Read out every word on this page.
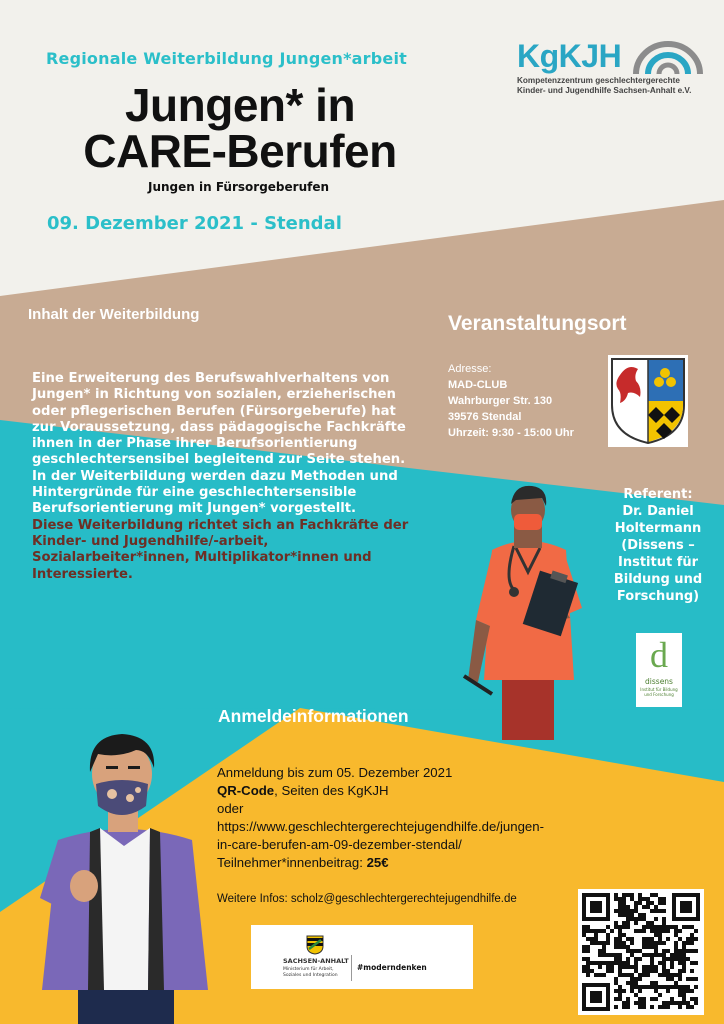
Regionale Weiterbildung Jungen*arbeit
Jungen* in
CARE-Berufen
Jungen in Fürsorgeberufen
09. Dezember 2021 - Stendal
KgKJH
Kompetenzzentrum geschlechtergerechte
Kinder- und Jugendhilfe Sachsen-Anhalt e.V.
Inhalt der Weiterbildung

Eine Erweiterung des Berufswahlverhaltens von Jungen* in Richtung von sozialen, erzieherischen oder pflegerischen Berufen (Fürsorgeberufe) hat zur Voraussetzung, dass pädagogische Fachkräfte ihnen in der Phase ihrer Berufsorientierung geschlechtersensibel begleitend zur Seite stehen.

In der Weiterbildung werden dazu Methoden und Hintergründe für eine geschlechtersensible Berufsorientierung mit Jungen* vorgestellt.

Diese Weiterbildung richtet sich an Fachkräfte der Kinder- und Jugendhilfe/-arbeit, Sozialarbeiter*innen, Multiplikator*innen und Interessierte.

Veranstaltungsort
Adresse:
MAD-CLUB
Wahrburger Str. 130
39576 Stendal
Uhrzeit: 9:30 - 15:00 Uhr
Referent:
Dr. Daniel Holtermann
(Dissens – Institut für Bildung und Forschung)
d
dissens
Institut für Bildung und Forschung
Anmeldeinformationen
Anmeldung bis zum 05. Dezember 2021
QR-Code, Seiten des KgKJH
oder
https://www.geschlechtergerechtejugendhilfe.de/jungen-
in-care-berufen-am-09-dezember-stendal/
Teilnehmer*innenbeitrag: 25€
Weitere Infos: scholz@geschlechtergerechtejugendhilfe.de
SACHSEN-ANHALT
Ministerium für Arbeit, Soziales und Integration
#moderndenken
